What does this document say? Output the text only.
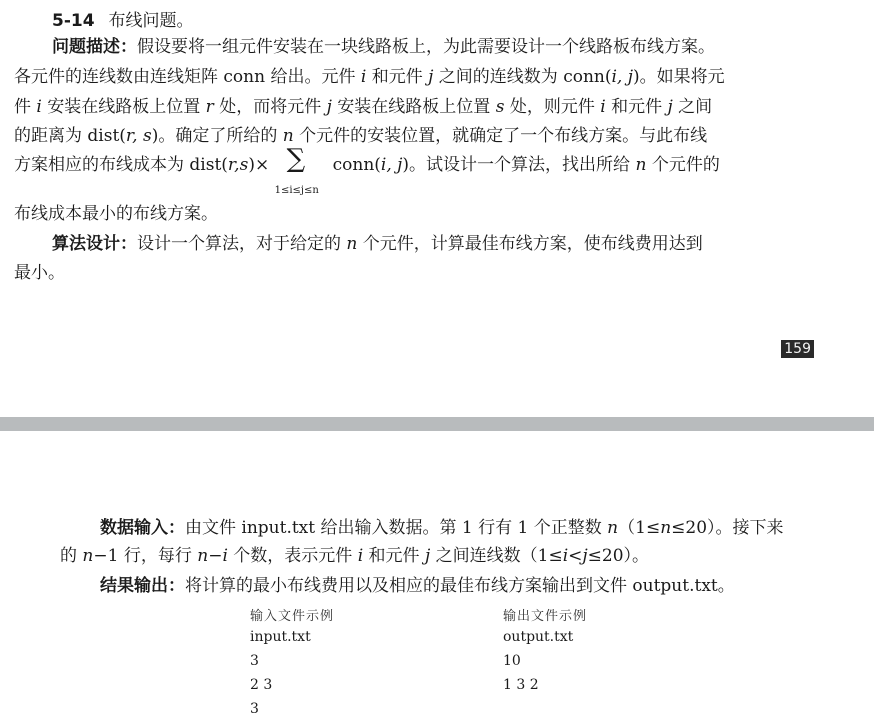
5-14 布线问题。
问题描述：假设要将一组元件安装在一块线路板上，为此需要设计一个线路板布线方案。
各元件的连线数由连线矩阵 conn 给出。元件 i 和元件 j 之间的连线数为 conn(i, j)。如果将元
件 i 安装在线路板上位置 r 处，而将元件 j 安装在线路板上位置 s 处，则元件 i 和元件 j 之间
的距离为 dist(r, s)。确定了所给的 n 个元件的安装位置，就确定了一个布线方案。与此布线
方案相应的布线成本为 dist(r,s)× ∑
1≤i≤j≤n
conn(i, j)。试设计一个算法，找出所给 n 个元件的
布线成本最小的布线方案。
算法设计：设计一个算法，对于给定的 n 个元件，计算最佳布线方案，使布线费用达到
最小。
159
数据输入：由文件 input.txt 给出输入数据。第 1 行有 1 个正整数 n（1≤n≤20）。接下来
的 n−1 行，每行 n−i 个数，表示元件 i 和元件 j 之间连线数（1≤i<j≤20）。
结果输出：将计算的最小布线费用以及相应的最佳布线方案输出到文件 output.txt。
输入文件示例
input.txt
3
2 3
3
输出文件示例
output.txt
10
1 3 2
